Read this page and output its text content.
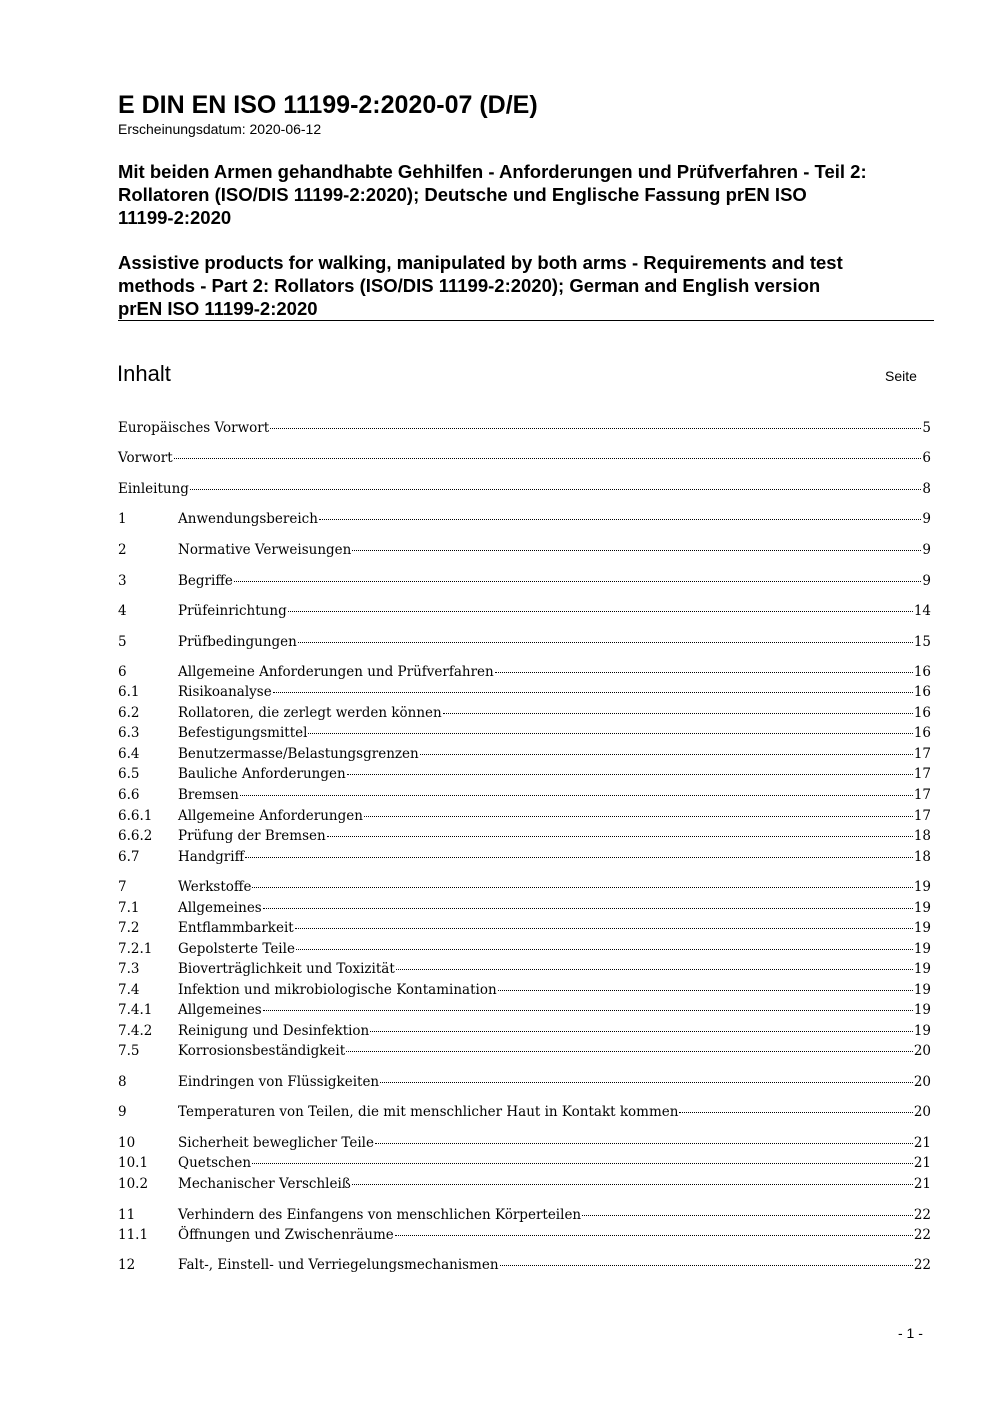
E DIN EN ISO 11199-2:2020-07 (D/E)
Erscheinungsdatum: 2020-06-12
Mit beiden Armen gehandhabte Gehhilfen - Anforderungen und Prüfverfahren - Teil 2:
Rollatoren (ISO/DIS 11199-2:2020); Deutsche und Englische Fassung prEN ISO
11199-2:2020
Assistive products for walking, manipulated by both arms - Requirements and test
methods - Part 2: Rollators (ISO/DIS 11199-2:2020); German and English version
prEN ISO 11199-2:2020
Inhalt	Seite
Europäisches Vorwort	5
Vorwort	6
Einleitung	8
1	Anwendungsbereich	9
2	Normative Verweisungen	9
3	Begriffe	9
4	Prüfeinrichtung	14
5	Prüfbedingungen	15
6	Allgemeine Anforderungen und Prüfverfahren	16
6.1	Risikoanalyse	16
6.2	Rollatoren, die zerlegt werden können	16
6.3	Befestigungsmittel	16
6.4	Benutzermasse/Belastungsgrenzen	17
6.5	Bauliche Anforderungen	17
6.6	Bremsen	17
6.6.1	Allgemeine Anforderungen	17
6.6.2	Prüfung der Bremsen	18
6.7	Handgriff	18
7	Werkstoffe	19
7.1	Allgemeines	19
7.2	Entflammbarkeit	19
7.2.1	Gepolsterte Teile	19
7.3	Bioverträglichkeit und Toxizität	19
7.4	Infektion und mikrobiologische Kontamination	19
7.4.1	Allgemeines	19
7.4.2	Reinigung und Desinfektion	19
7.5	Korrosionsbeständigkeit	20
8	Eindringen von Flüssigkeiten	20
9	Temperaturen von Teilen, die mit menschlicher Haut in Kontakt kommen	20
10	Sicherheit beweglicher Teile	21
10.1	Quetschen	21
10.2	Mechanischer Verschleiß	21
11	Verhindern des Einfangens von menschlichen Körperteilen	22
11.1	Öffnungen und Zwischenräume	22
12	Falt-, Einstell- und Verriegelungsmechanismen	22
- 1 -
